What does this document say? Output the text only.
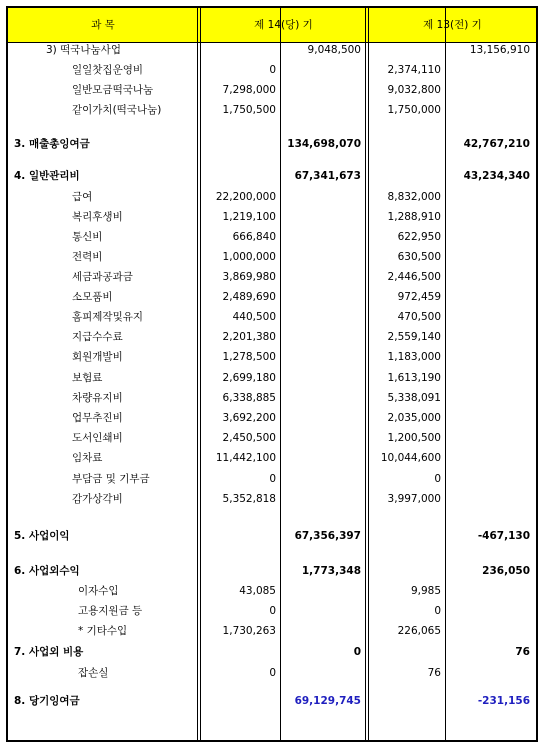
과 목	제 14(당) 기	제 13(전) 기
3) 떡국나눔사업	9,048,500	13,156,910
일일찻집운영비	0	2,374,110
일반모금떡국나눔	7,298,000	9,032,800
같이가치(떡국나눔)	1,750,500	1,750,000
3. 매출총잉여금	134,698,070	42,767,210
4. 일반관리비	67,341,673	43,234,340
급여	22,200,000	8,832,000
복리후생비	1,219,100	1,288,910
통신비	666,840	622,950
전력비	1,000,000	630,500
세금과공과금	3,869,980	2,446,500
소모품비	2,489,690	972,459
홈피제작및유지	440,500	470,500
지급수수료	2,201,380	2,559,140
회원개발비	1,278,500	1,183,000
보험료	2,699,180	1,613,190
차량유지비	6,338,885	5,338,091
업무추진비	3,692,200	2,035,000
도서인쇄비	2,450,500	1,200,500
임차료	11,442,100	10,044,600
부담금 및 기부금	0	0
감가상각비	5,352,818	3,997,000
5. 사업이익	67,356,397	-467,130
6. 사업외수익	1,773,348	236,050
이자수입	43,085	9,985
고용지원금 등	0	0
* 기타수입	1,730,263	226,065
7. 사업외 비용	0	76
잡손실	0	76
8. 당기잉여금	69,129,745	-231,156
